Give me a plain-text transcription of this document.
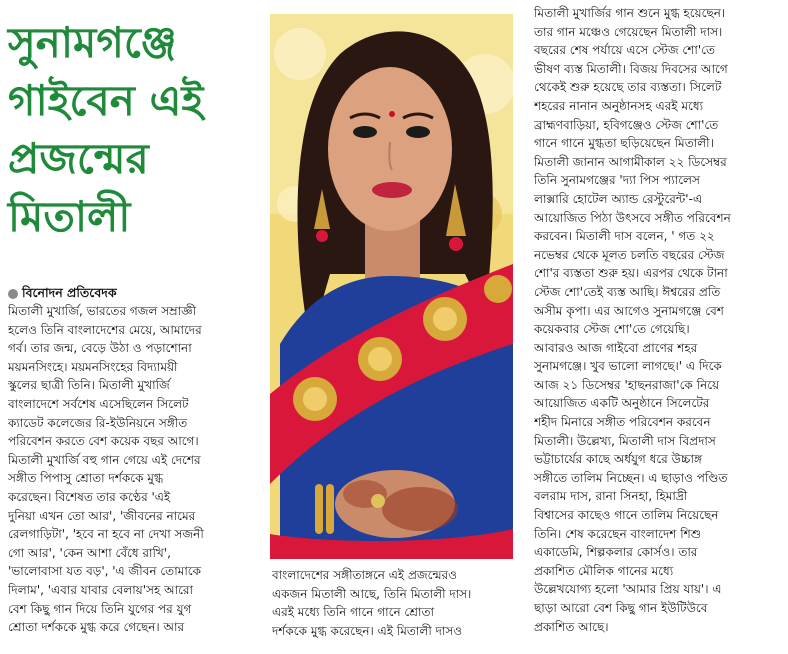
সুনামগঞ্জে
গাইবেন এই
প্রজন্মের
মিতালী
বিনোদন প্রতিবেদক
মিতালী মুখার্জি, ভারতের গজল সম্রাজ্ঞী
হলেও তিনি বাংলাদেশের মেয়ে, আমাদের
গর্ব। তার জন্ম, বেড়ে উঠা ও পড়াশোনা
ময়মনসিংহে। ময়মনসিংহের বিদ্যাময়ী
স্কুলের ছাত্রী তিনি। মিতালী মুখার্জি
বাংলাদেশে সর্বশেষ এসেছিলেন সিলেট
ক্যাডেট কলেজের রি-ইউনিয়নে সঙ্গীত
পরিবেশন করতে বেশ কয়েক বছর আগে।
মিতালী মুখার্জি বহু গান গেয়ে এই দেশের
সঙ্গীত পিপাসু শ্রোতা দর্শককে মুগ্ধ
করেছেন। বিশেষত তার কণ্ঠের 'এই
দুনিয়া এখন তো আর', 'জীবনের নামের
রেলগাড়িটা', 'হবে না হবে না দেখা সজনী
গো আর', 'কেন আশা বেঁধে রাখি',
'ভালোবাসা যত বড়', 'এ জীবন তোমাকে
দিলাম', 'এবার যাবার বেলায়'সহ আরো
বেশ কিছু গান দিয়ে তিনি যুগের পর যুগ
শ্রোতা দর্শককে মুগ্ধ করে গেছেন। আর
বাংলাদেশের সঙ্গীতাঙ্গনে এই প্রজন্মেরও
একজন মিতালী আছে, তিনি মিতালী দাস।
এরই মধ্যে তিনি গানে গানে শ্রোতা
দর্শককে মুগ্ধ করেছেন। এই মিতালী দাসও
মিতালী মুখার্জির গান শুনে মুগ্ধ হয়েছেন।
তার গান মঞ্চেও গেয়েছেন মিতালী দাস।
বছরের শেষ পর্যায়ে এসে স্টেজ শো'তে
ভীষণ ব্যস্ত মিতালী। বিজয় দিবসের আগে
থেকেই শুরু হয়েছে তার ব্যস্ততা। সিলেট
শহরের নানান অনুষ্ঠানসহ এরই মধ্যে
ব্রাহ্মণবাড়িয়া, হবিগঞ্জেও স্টেজ শো'তে
গানে গানে মুগ্ধতা ছড়িয়েছেন মিতালী।
মিতালী জানান আগামীকাল ২২ ডিসেম্বর
তিনি সুনামগঞ্জের 'দ্যা পিস প্যালেস
লাক্সারি হোটেল অ্যান্ড রেস্টুরেন্ট'-এ
আয়োজিত পিঠা উৎসবে সঙ্গীত পরিবেশন
করবেন। মিতালী দাস বলেন, ' গত ২২
নভেম্বর থেকে মূলত চলতি বছরের স্টেজ
শো'র ব্যস্ততা শুরু হয়। এরপর থেকে টানা
স্টেজ শো'তেই ব্যস্ত আছি। ঈশ্বরের প্রতি
অসীম কৃপা। এর আগেও সুনামগঞ্জে বেশ
কয়েকবার স্টেজ শো'তে গেয়েছি।
আবারও আজ গাইবো প্রাণের শহর
সুনামগঞ্জে। খুব ভালো লাগছে।' এ দিকে
আজ ২১ ডিসেম্বর 'হাছনরাজা'কে নিয়ে
আয়োজিত একটি অনুষ্ঠানে সিলেটের
শহীদ মিনারে সঙ্গীত পরিবেশন করবেন
মিতালী। উল্লেখ্য, মিতালী দাস বিপ্রদাস
ভট্টাচার্যের কাছে অর্ধযুগ ধরে উচ্চাঙ্গ
সঙ্গীতে তালিম নিচ্ছেন। এ ছাড়াও পণ্ডিত
বলরাম দাস, রানা সিনহা, হিমাদ্রী
বিশ্বাসের কাছেও গানে তালিম নিয়েছেন
তিনি। শেষ করেছেন বাংলাদেশ শিশু
একাডেমি, শিল্পকলার কোর্সও। তার
প্রকাশিত মৌলিক গানের মধ্যে
উল্লেখযোগ্য হলো 'আমার প্রিয় যায়'। এ
ছাড়া আরো বেশ কিছু গান ইউটিউবে
প্রকাশিত আছে।
